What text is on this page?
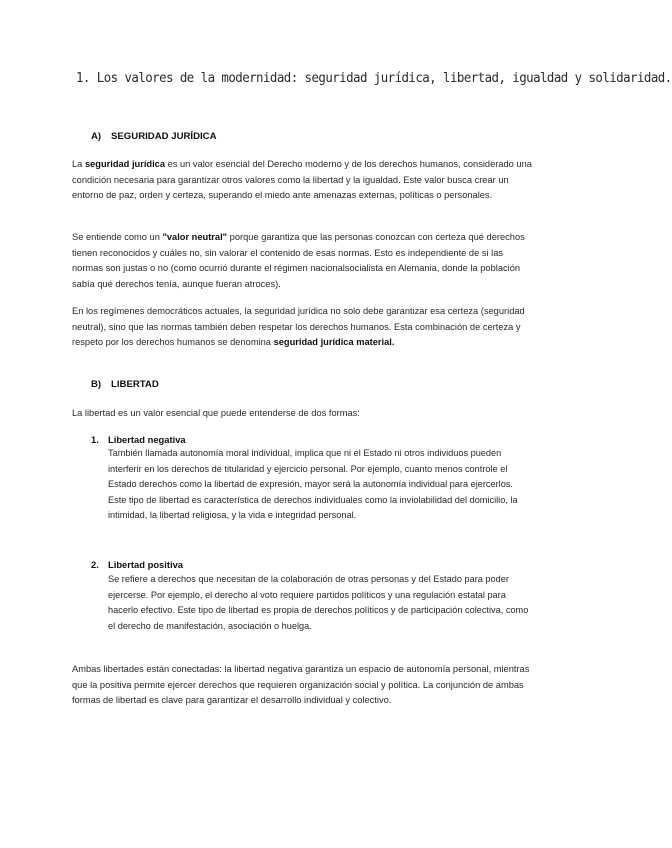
1. Los valores de la modernidad: seguridad jurídica, libertad, igualdad y solidaridad.
A) SEGURIDAD JURÍDICA
La seguridad jurídica es un valor esencial del Derecho moderno y de los derechos humanos, considerado una condición necesaria para garantizar otros valores como la libertad y la igualdad. Este valor busca crear un entorno de paz, orden y certeza, superando el miedo ante amenazas externas, políticas o personales.
Se entiende como un "valor neutral" porque garantiza que las personas conozcan con certeza qué derechos tienen reconocidos y cuáles no, sin valorar el contenido de esas normas. Esto es independiente de si las normas son justas o no (como ocurrió durante el régimen nacionalsocialista en Alemania, donde la población sabía qué derechos tenía, aunque fueran atroces).
En los regímenes democráticos actuales, la seguridad jurídica no solo debe garantizar esa certeza (seguridad neutral), sino que las normas también deben respetar los derechos humanos. Esta combinación de certeza y respeto por los derechos humanos se denomina seguridad jurídica material.
B) LIBERTAD
La libertad es un valor esencial que puede entenderse de dos formas:
1. Libertad negativa
También llamada autonomía moral individual, implica que ni el Estado ni otros individuos pueden interferir en los derechos de titularidad y ejercicio personal. Por ejemplo, cuanto menos controle el Estado derechos como la libertad de expresión, mayor será la autonomía individual para ejercerlos. Este tipo de libertad es característica de derechos individuales como la inviolabilidad del domicilio, la intimidad, la libertad religiosa, y la vida e integridad personal.
2. Libertad positiva
Se refiere a derechos que necesitan de la colaboración de otras personas y del Estado para poder ejercerse. Por ejemplo, el derecho al voto requiere partidos políticos y una regulación estatal para hacerlo efectivo. Este tipo de libertad es propia de derechos políticos y de participación colectiva, como el derecho de manifestación, asociación o huelga.
Ambas libertades están conectadas: la libertad negativa garantiza un espacio de autonomía personal, mientras que la positiva permite ejercer derechos que requieren organización social y política. La conjunción de ambas formas de libertad es clave para garantizar el desarrollo individual y colectivo.
